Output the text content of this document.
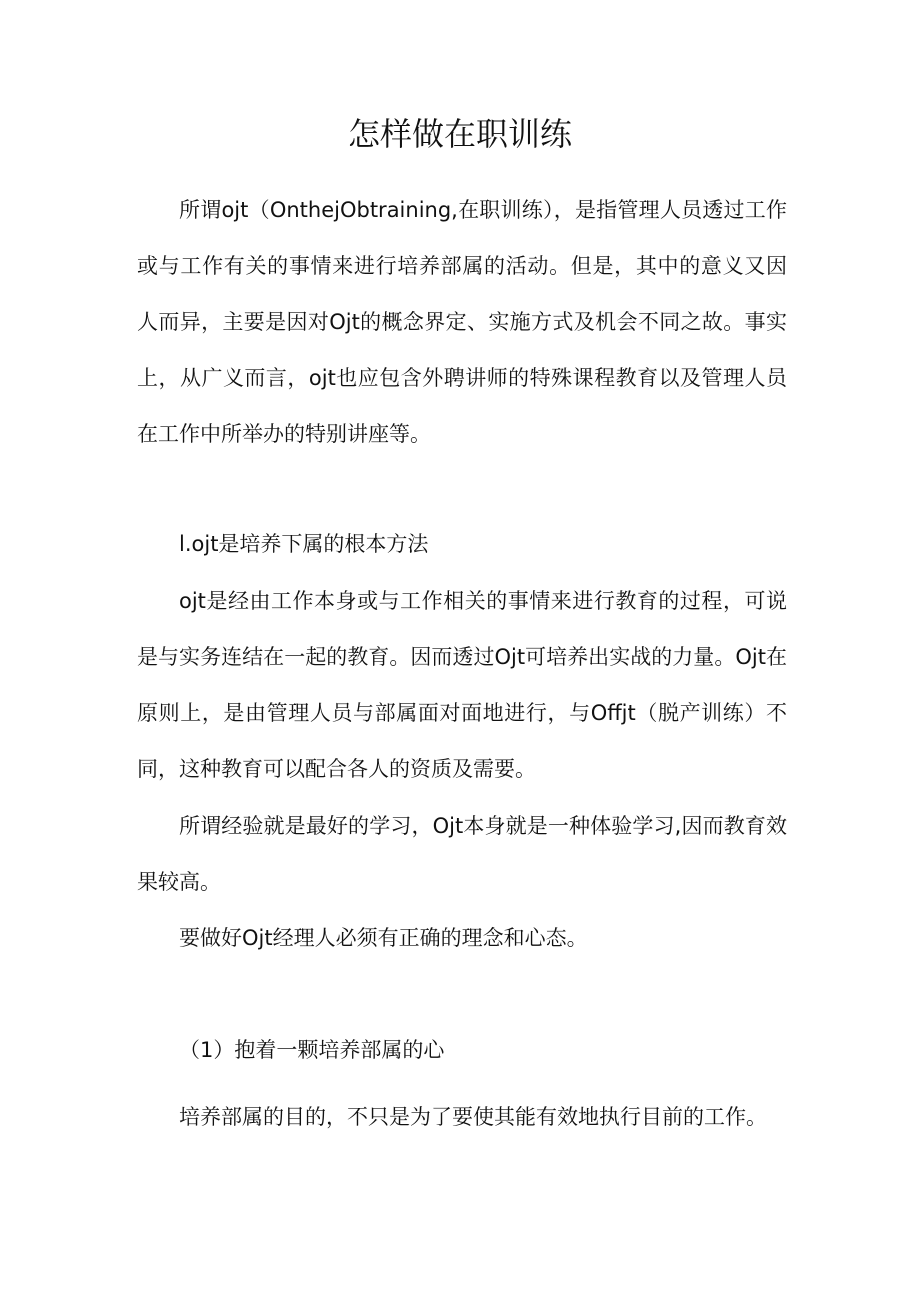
怎样做在职训练

所谓ojt（OnthejObtraining,在职训练），是指管理人员透过工作或与工作有关的事情来进行培养部属的活动。但是，其中的意义又因人而异，主要是因对Ojt的概念界定、实施方式及机会不同之故。事实上，从广义而言，ojt也应包含外聘讲师的特殊课程教育以及管理人员在工作中所举办的特别讲座等。

l.ojt是培养下属的根本方法

ojt是经由工作本身或与工作相关的事情来进行教育的过程，可说是与实务连结在一起的教育。因而透过Ojt可培养出实战的力量。Ojt在原则上，是由管理人员与部属面对面地进行，与Offjt（脱产训练）不同，这种教育可以配合各人的资质及需要。

所谓经验就是最好的学习，Ojt本身就是一种体验学习,因而教育效果较高。

要做好Ojt经理人必须有正确的理念和心态。

（1）抱着一颗培养部属的心

培养部属的目的，不只是为了要使其能有效地执行目前的工作。
